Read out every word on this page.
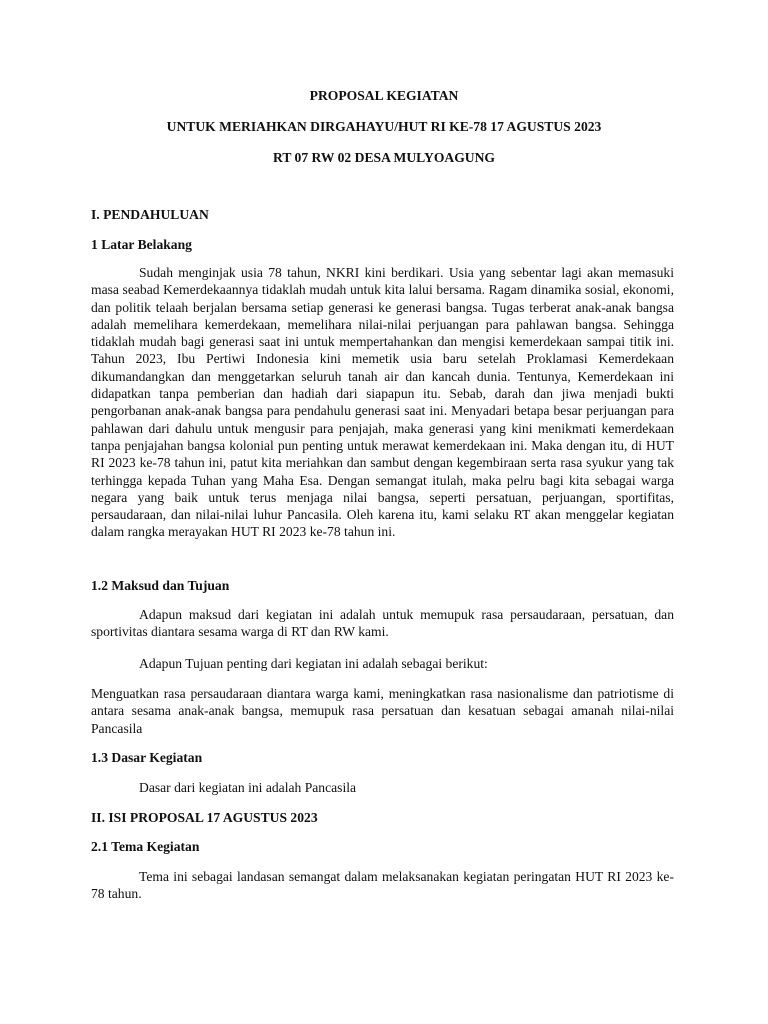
PROPOSAL KEGIATAN
UNTUK MERIAHKAN DIRGAHAYU/HUT RI KE-78 17 AGUSTUS 2023
RT 07 RW 02 DESA MULYOAGUNG
I. PENDAHULUAN
1 Latar Belakang

Sudah menginjak usia 78 tahun, NKRI kini berdikari. Usia yang sebentar lagi akan memasuki masa seabad Kemerdekaannya tidaklah mudah untuk kita lalui bersama. Ragam dinamika sosial, ekonomi, dan politik telaah berjalan bersama setiap generasi ke generasi bangsa. Tugas terberat anak-anak bangsa adalah memelihara kemerdekaan, memelihara nilai-nilai perjuangan para pahlawan bangsa. Sehingga tidaklah mudah bagi generasi saat ini untuk mempertahankan dan mengisi kemerdekaan sampai titik ini. Tahun 2023, Ibu Pertiwi Indonesia kini memetik usia baru setelah Proklamasi Kemerdekaan dikumandangkan dan menggetarkan seluruh tanah air dan kancah dunia. Tentunya, Kemerdekaan ini didapatkan tanpa pemberian dan hadiah dari siapapun itu. Sebab, darah dan jiwa menjadi bukti pengorbanan anak-anak bangsa para pendahulu generasi saat ini. Menyadari betapa besar perjuangan para pahlawan dari dahulu untuk mengusir para penjajah, maka generasi yang kini menikmati kemerdekaan tanpa penjajahan bangsa kolonial pun penting untuk merawat kemerdekaan ini. Maka dengan itu, di HUT RI 2023 ke-78 tahun ini, patut kita meriahkan dan sambut dengan kegembiraan serta rasa syukur yang tak terhingga kepada Tuhan yang Maha Esa. Dengan semangat itulah, maka pelru bagi kita sebagai warga negara yang baik untuk terus menjaga nilai bangsa, seperti persatuan, perjuangan, sportifitas, persaudaraan, dan nilai-nilai luhur Pancasila. Oleh karena itu, kami selaku RT akan menggelar kegiatan dalam rangka merayakan HUT RI 2023 ke-78 tahun ini.

1.2 Maksud dan Tujuan

Adapun maksud dari kegiatan ini adalah untuk memupuk rasa persaudaraan, persatuan, dan sportivitas diantara sesama warga di RT dan RW kami.

Adapun Tujuan penting dari kegiatan ini adalah sebagai berikut:

Menguatkan rasa persaudaraan diantara warga kami, meningkatkan rasa nasionalisme dan patriotisme di antara sesama anak-anak bangsa, memupuk rasa persatuan dan kesatuan sebagai amanah nilai-nilai Pancasila

1.3 Dasar Kegiatan
Dasar dari kegiatan ini adalah Pancasila
II. ISI PROPOSAL 17 AGUSTUS 2023
2.1 Tema Kegiatan

Tema ini sebagai landasan semangat dalam melaksanakan kegiatan peringatan HUT RI 2023 ke-78 tahun.
